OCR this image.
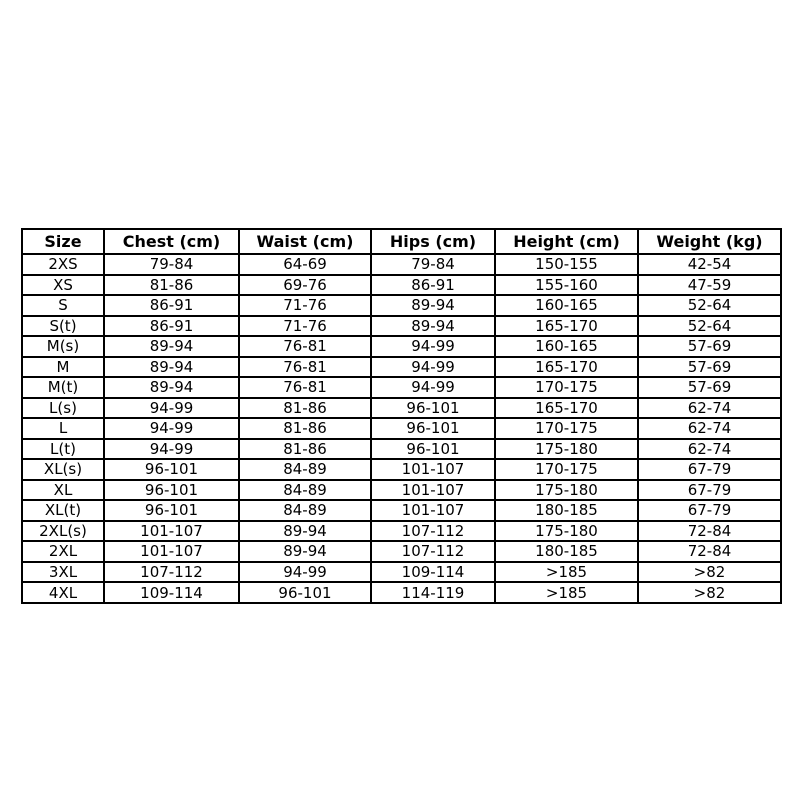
Size	Chest (cm)	Waist (cm)	Hips (cm)	Height (cm)	Weight (kg)
2XS	79-84	64-69	79-84	150-155	42-54
XS	81-86	69-76	86-91	155-160	47-59
S	86-91	71-76	89-94	160-165	52-64
S(t)	86-91	71-76	89-94	165-170	52-64
M(s)	89-94	76-81	94-99	160-165	57-69
M	89-94	76-81	94-99	165-170	57-69
M(t)	89-94	76-81	94-99	170-175	57-69
L(s)	94-99	81-86	96-101	165-170	62-74
L	94-99	81-86	96-101	170-175	62-74
L(t)	94-99	81-86	96-101	175-180	62-74
XL(s)	96-101	84-89	101-107	170-175	67-79
XL	96-101	84-89	101-107	175-180	67-79
XL(t)	96-101	84-89	101-107	180-185	67-79
2XL(s)	101-107	89-94	107-112	175-180	72-84
2XL	101-107	89-94	107-112	180-185	72-84
3XL	107-112	94-99	109-114	>185	>82
4XL	109-114	96-101	114-119	>185	>82
